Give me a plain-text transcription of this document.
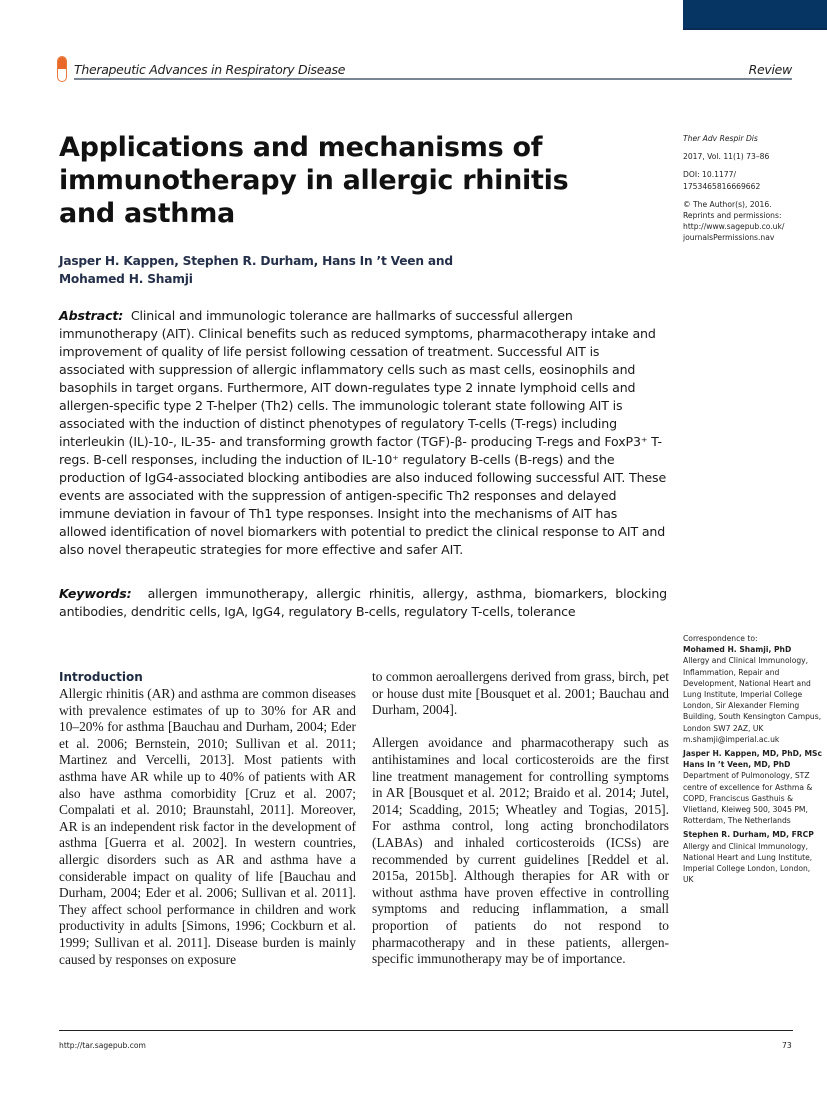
Therapeutic Advances in Respiratory Disease	Review
Applications and mechanisms of immunotherapy in allergic rhinitis and asthma
Jasper H. Kappen, Stephen R. Durham, Hans In ’t Veen and
Mohamed H. Shamji
Ther Adv Respir Dis
2017, Vol. 11(1) 73–86
DOI: 10.1177/
1753465816669662
© The Author(s), 2016.
Reprints and permissions:
http://www.sagepub.co.uk/
journalsPermissions.nav
Abstract: Clinical and immunologic tolerance are hallmarks of successful allergen immunotherapy (AIT). Clinical benefits such as reduced symptoms, pharmacotherapy intake and improvement of quality of life persist following cessation of treatment. Successful AIT is associated with suppression of allergic inflammatory cells such as mast cells, eosinophils and basophils in target organs. Furthermore, AIT down-regulates type 2 innate lymphoid cells and allergen-specific type 2 T-helper (Th2) cells. The immunologic tolerant state following AIT is associated with the induction of distinct phenotypes of regulatory T-cells (T-regs) including interleukin (IL)-10-, IL-35- and transforming growth factor (TGF)-β- producing T-regs and FoxP3⁺ T-regs. B-cell responses, including the induction of IL-10⁺ regulatory B-cells (B-regs) and the production of IgG4-associated blocking antibodies are also induced following successful AIT. These events are associated with the suppression of antigen-specific Th2 responses and delayed immune deviation in favour of Th1 type responses. Insight into the mechanisms of AIT has allowed identification of novel biomarkers with potential to predict the clinical response to AIT and also novel therapeutic strategies for more effective and safer AIT.
Keywords: allergen immunotherapy, allergic rhinitis, allergy, asthma, biomarkers, blocking antibodies, dendritic cells, IgA, IgG4, regulatory B-cells, regulatory T-cells, tolerance
Introduction

Allergic rhinitis (AR) and asthma are common diseases with prevalence estimates of up to 30% for AR and 10–20% for asthma [Bauchau and Durham, 2004; Eder et al. 2006; Bernstein, 2010; Sullivan et al. 2011; Martinez and Vercelli, 2013]. Most patients with asthma have AR while up to 40% of patients with AR also have asthma comorbidity [Cruz et al. 2007; Compalati et al. 2010; Braunstahl, 2011]. Moreover, AR is an independent risk factor in the development of asthma [Guerra et al. 2002]. In western countries, allergic disorders such as AR and asthma have a considerable impact on quality of life [Bauchau and Durham, 2004; Eder et al. 2006; Sullivan et al. 2011]. They affect school performance in children and work productivity in adults [Simons, 1996; Cockburn et al. 1999; Sullivan et al. 2011]. Disease burden is mainly caused by responses on exposure

to common aeroallergens derived from grass, birch, pet or house dust mite [Bousquet et al. 2001; Bauchau and Durham, 2004].

Allergen avoidance and pharmacotherapy such as antihistamines and local corticosteroids are the first line treatment management for controlling symptoms in AR [Bousquet et al. 2012; Braido et al. 2014; Jutel, 2014; Scadding, 2015; Wheatley and Togias, 2015]. For asthma control, long acting bronchodilators (LABAs) and inhaled corticosteroids (ICSs) are recommended by current guidelines [Reddel et al. 2015a, 2015b]. Although therapies for AR with or without asthma have proven effective in controlling symptoms and reducing inflammation, a small proportion of patients do not respond to pharmacotherapy and in these patients, allergen-specific immunotherapy may be of importance.

Correspondence to:
Mohamed H. Shamji, PhD
Allergy and Clinical Immunology, Inflammation, Repair and Development, National Heart and Lung Institute, Imperial College London, Sir Alexander Fleming Building, South Kensington Campus, London SW7 2AZ, UK
m.shamji@imperial.ac.uk
Jasper H. Kappen, MD, PhD, MSc
Hans In ’t Veen, MD, PhD
Department of Pulmonology, STZ centre of excellence for Asthma & COPD, Franciscus Gasthuis & Vlietland, Kleiweg 500, 3045 PM, Rotterdam, The Netherlands
Stephen R. Durham, MD, FRCP
Allergy and Clinical Immunology, National Heart and Lung Institute, Imperial College London, London, UK
http://tar.sagepub.com	73
